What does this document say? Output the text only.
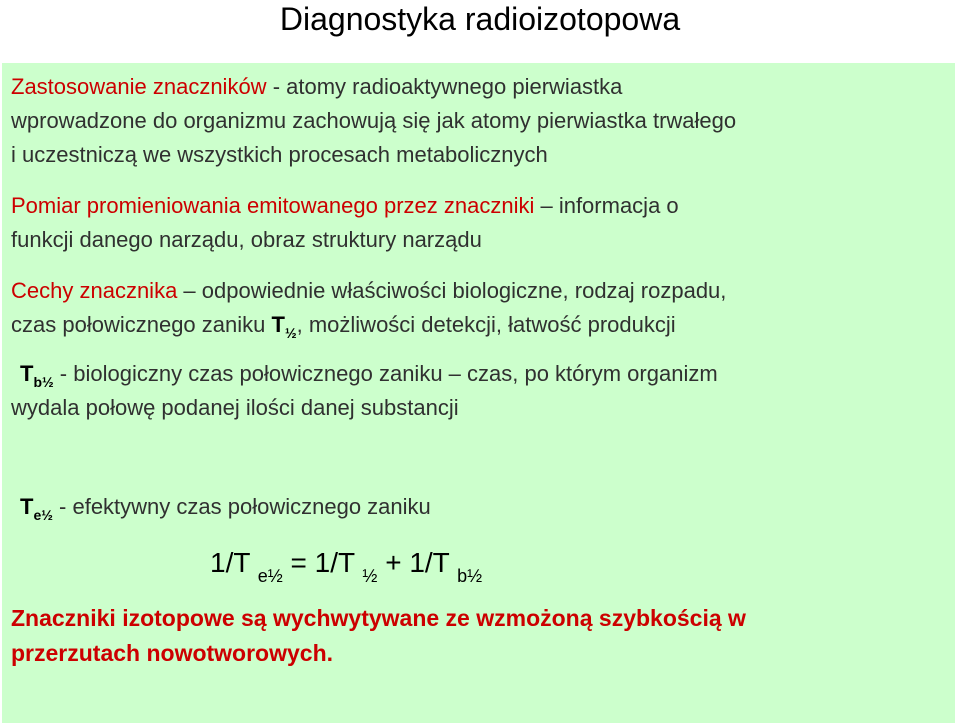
Diagnostyka radioizotopowa
Zastosowanie znaczników - atomy radioaktywnego pierwiastka
wprowadzone do organizmu zachowują się jak atomy pierwiastka trwałego
i uczestniczą we wszystkich procesach metabolicznych
Pomiar promieniowania emitowanego przez znaczniki – informacja o
funkcji danego narządu, obraz struktury narządu
Cechy znacznika – odpowiednie właściwości biologiczne, rodzaj rozpadu,
czas połowicznego zaniku $T_{\frac{1}{2}}$, możliwości detekcji, łatwość produkcji
$T_{b\frac{1}{2}}$ - biologiczny czas połowicznego zaniku – czas, po którym organizm
wydala połowę podanej ilości danej substancji
$T_{e\frac{1}{2}}$ - efektywny czas połowicznego zaniku
1/T $_{e\frac{1}{2}}$ = 1/T $_{\frac{1}{2}}$ + 1/T $_{b\frac{1}{2}}$
Znaczniki izotopowe są wychwytywane ze wzmożoną szybkością w
przerzutach nowotworowych.
